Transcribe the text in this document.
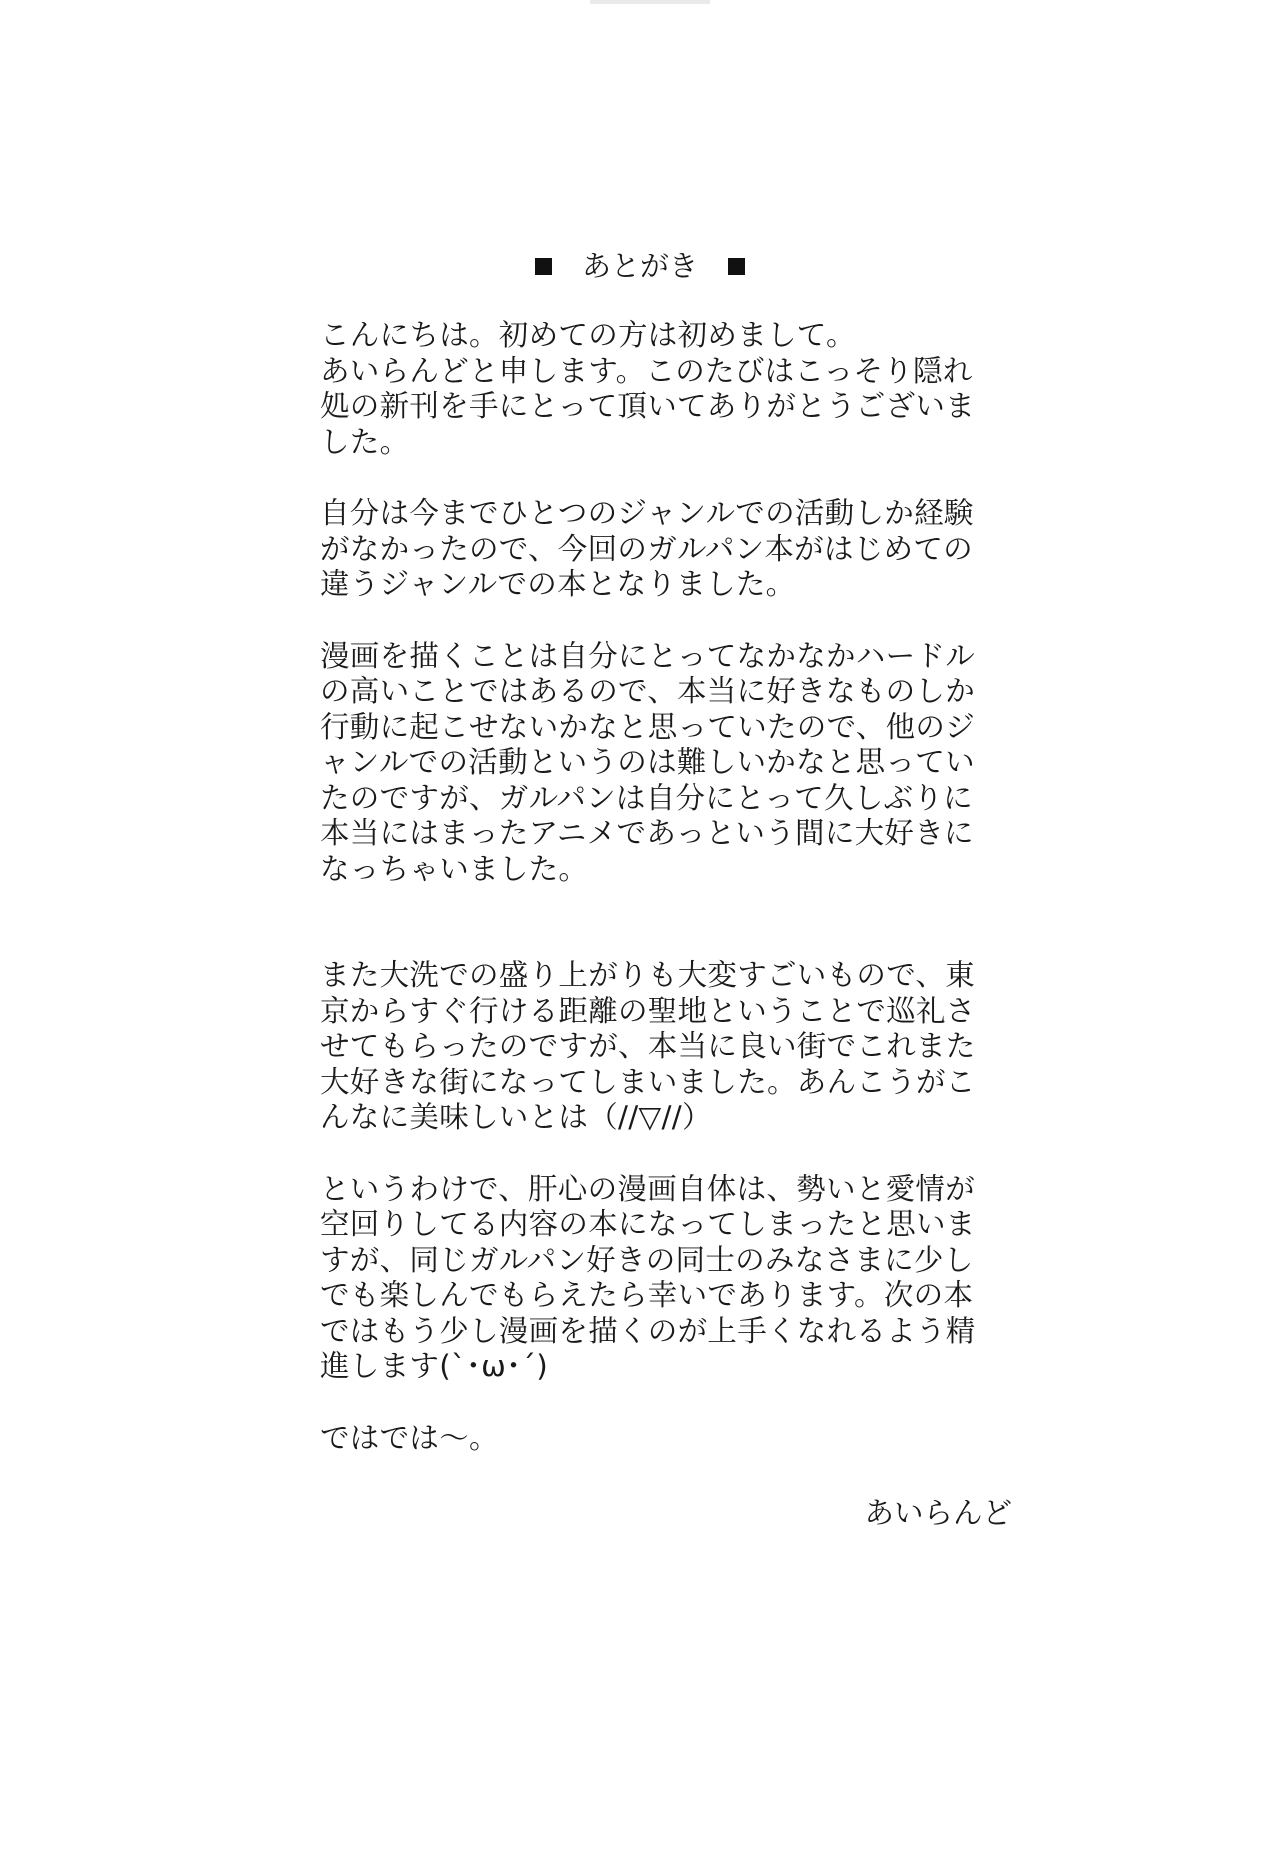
あとがき

こんにちは。初めての方は初めまして。
あいらんどと申します。このたびはこっそり隠れ処の新刊を手にとって頂いてありがとうございました。

自分は今までひとつのジャンルでの活動しか経験がなかったので、今回のガルパン本がはじめての違うジャンルでの本となりました。

漫画を描くことは自分にとってなかなかハードルの高いことではあるので、本当に好きなものしか行動に起こせないかなと思っていたので、他のジャンルでの活動というのは難しいかなと思っていたのですが、ガルパンは自分にとって久しぶりに本当にはまったアニメであっという間に大好きになっちゃいました。

また大洗での盛り上がりも大変すごいもので、東京からすぐ行ける距離の聖地ということで巡礼させてもらったのですが、本当に良い街でこれまた大好きな街になってしまいました。あんこうがこんなに美味しいとは（//▽//）

というわけで、肝心の漫画自体は、勢いと愛情が空回りしてる内容の本になってしまったと思いますが、同じガルパン好きの同士のみなさまに少しでも楽しんでもらえたら幸いであります。次の本ではもう少し漫画を描くのが上手くなれるよう精進します(`･ω･´)

ではでは～。

あいらんど
